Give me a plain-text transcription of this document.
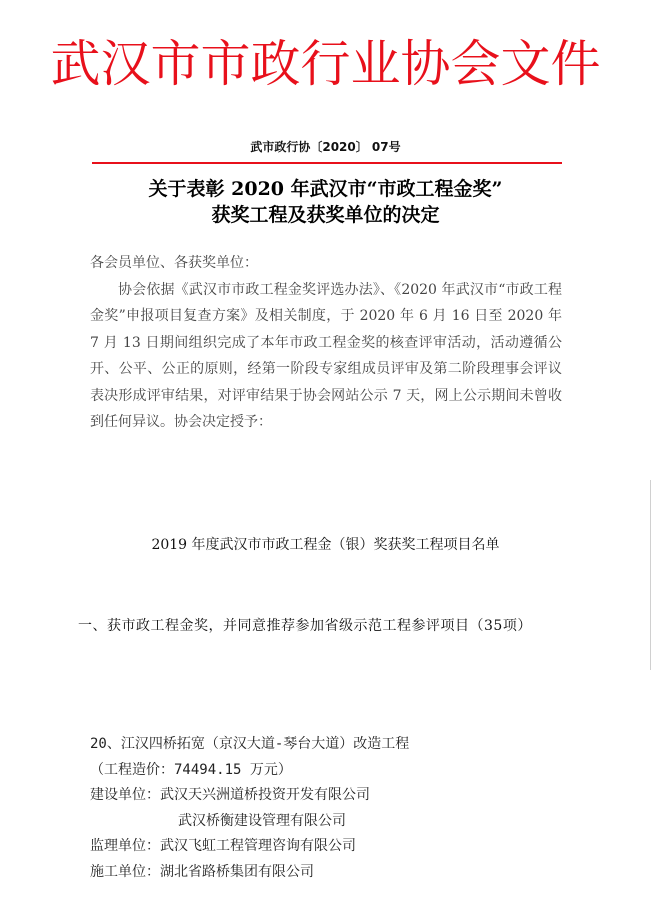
武汉市市政行业协会文件
武市政行协〔2020〕 07号
关于表彰 2020 年武汉市“市政工程金奖”
获奖工程及获奖单位的决定

各会员单位、各获奖单位：

协会依据《武汉市市政工程金奖评选办法》、《2020 年武汉市“市政工程金奖”申报项目复查方案》及相关制度，于 2020 年 6 月 16 日至 2020 年 7 月 13 日期间组织完成了本年市政工程金奖的核查评审活动，活动遵循公开、公平、公正的原则，经第一阶段专家组成员评审及第二阶段理事会评议表决形成评审结果，对评审结果于协会网站公示 7 天，网上公示期间未曾收到任何异议。协会决定授予：

2019 年度武汉市市政工程金（银）奖获奖工程项目名单
一、获市政工程金奖，并同意推荐参加省级示范工程参评项目（35项）
20、江汉四桥拓宽（京汉大道-琴台大道）改造工程
（工程造价：74494.15 万元）
建设单位：武汉天兴洲道桥投资开发有限公司
武汉桥衡建设管理有限公司
监理单位：武汉飞虹工程管理咨询有限公司
施工单位：湖北省路桥集团有限公司
